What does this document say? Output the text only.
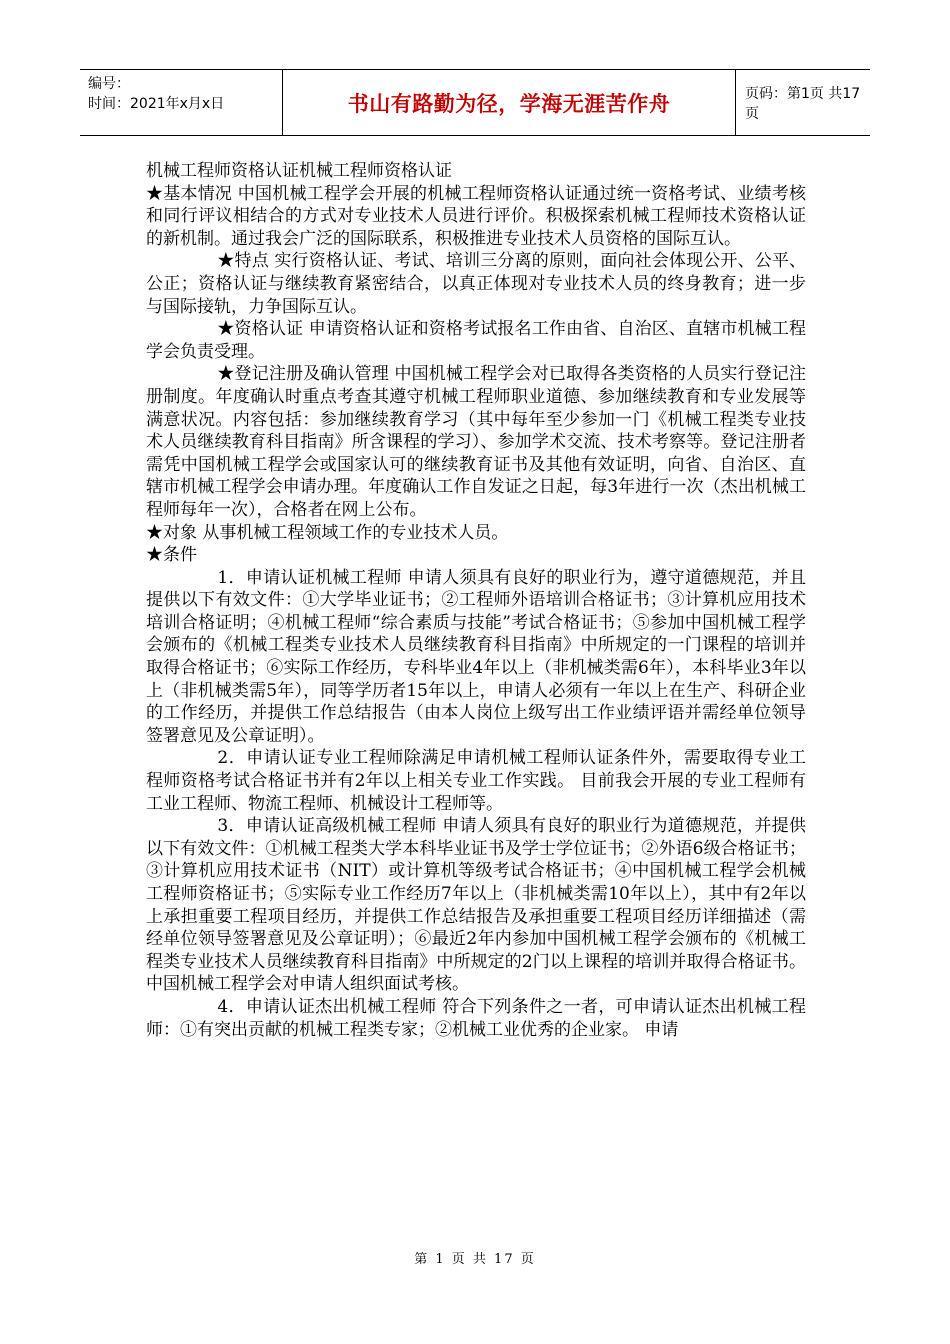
编号：
时间：2021年x月x日	书山有路勤为径，学海无涯苦作舟	页码：第1页 共17页

机械工程师资格认证机械工程师资格认证

★基本情况 中国机械工程学会开展的机械工程师资格认证通过统一资格考试、业绩考核和同行评议相结合的方式对专业技术人员进行评价。积极探索机械工程师技术资格认证的新机制。通过我会广泛的国际联系，积极推进专业技术人员资格的国际互认。

★特点 实行资格认证、考试、培训三分离的原则，面向社会体现公开、公平、公正；资格认证与继续教育紧密结合，以真正体现对专业技术人员的终身教育；进一步与国际接轨，力争国际互认。

★资格认证 申请资格认证和资格考试报名工作由省、自治区、直辖市机械工程学会负责受理。

★登记注册及确认管理 中国机械工程学会对已取得各类资格的人员实行登记注册制度。年度确认时重点考查其遵守机械工程师职业道德、参加继续教育和专业发展等满意状况。内容包括：参加继续教育学习（其中每年至少参加一门《机械工程类专业技术人员继续教育科目指南》所含课程的学习）、参加学术交流、技术考察等。登记注册者需凭中国机械工程学会或国家认可的继续教育证书及其他有效证明，向省、自治区、直辖市机械工程学会申请办理。年度确认工作自发证之日起，每3年进行一次（杰出机械工程师每年一次），合格者在网上公布。

★对象 从事机械工程领域工作的专业技术人员。

★条件

1．申请认证机械工程师 申请人须具有良好的职业行为，遵守道德规范，并且提供以下有效文件：①大学毕业证书；②工程师外语培训合格证书；③计算机应用技术培训合格证明；④机械工程师“综合素质与技能”考试合格证书；⑤参加中国机械工程学会颁布的《机械工程类专业技术人员继续教育科目指南》中所规定的一门课程的培训并取得合格证书；⑥实际工作经历，专科毕业4年以上（非机械类需6年），本科毕业3年以上（非机械类需5年），同等学历者15年以上，申请人必须有一年以上在生产、科研企业的工作经历，并提供工作总结报告（由本人岗位上级写出工作业绩评语并需经单位领导签署意见及公章证明）。

2．申请认证专业工程师除满足申请机械工程师认证条件外，需要取得专业工程师资格考试合格证书并有2年以上相关专业工作实践。 目前我会开展的专业工程师有工业工程师、物流工程师、机械设计工程师等。

3．申请认证高级机械工程师 申请人须具有良好的职业行为道德规范，并提供以下有效文件：①机械工程类大学本科毕业证书及学士学位证书；②外语6级合格证书；③计算机应用技术证书（NIT）或计算机等级考试合格证书；④中国机械工程学会机械工程师资格证书；⑤实际专业工作经历7年以上（非机械类需10年以上），其中有2年以上承担重要工程项目经历，并提供工作总结报告及承担重要工程项目经历详细描述（需经单位领导签署意见及公章证明）；⑥最近2年内参加中国机械工程学会颁布的《机械工程类专业技术人员继续教育科目指南》中所规定的2门以上课程的培训并取得合格证书。 中国机械工程学会对申请人组织面试考核。

4．申请认证杰出机械工程师 符合下列条件之一者，可申请认证杰出机械工程师：①有突出贡献的机械工程类专家；②机械工业优秀的企业家。 申请

第 1 页 共 17 页
